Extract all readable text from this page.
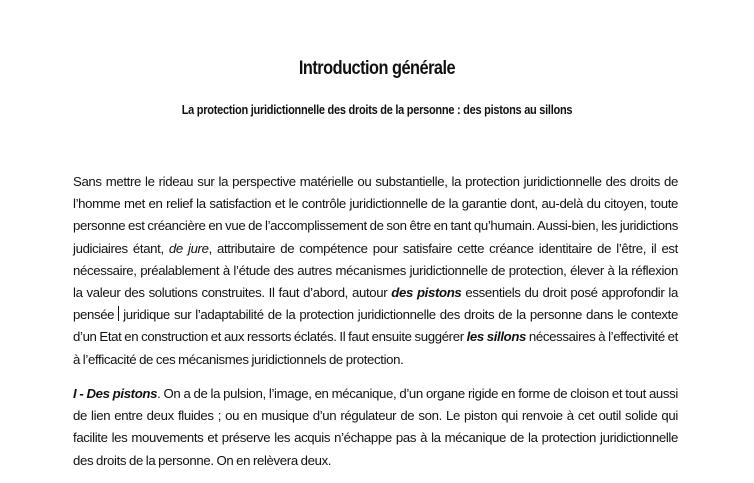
Introduction générale
La protection juridictionnelle des droits de la personne : des pistons au sillons
Sans mettre le rideau sur la perspective matérielle ou substantielle, la protection juridictionnelle des droits de l’homme met en relief la satisfaction et le contrôle juridictionnelle de la garantie dont, au-delà du citoyen, toute personne est créancière en vue de l’accomplissement de son être en tant qu’humain. Aussi-bien, les juridictions judiciaires étant, de jure, attributaire de compétence pour satisfaire cette créance identitaire de l’être, il est nécessaire, préalablement à l’étude des autres mécanismes juridictionnelle de protection, élever à la réflexion la valeur des solutions construites. Il faut d’abord, autour des pistons essentiels du droit posé approfondir la pensée juridique sur l’adaptabilité de la protection juridictionnelle des droits de la personne dans le contexte d’un Etat en construction et aux ressorts éclatés. Il faut ensuite suggérer les sillons nécessaires à l’effectivité et à l’efficacité de ces mécanismes juridictionnels de protection.
I - Des pistons. On a de la pulsion, l’image, en mécanique, d’un organe rigide en forme de cloison et tout aussi de lien entre deux fluides ; ou en musique d’un régulateur de son. Le piston qui renvoie à cet outil solide qui facilite les mouvements et préserve les acquis n’échappe pas à la mécanique de la protection juridictionnelle des droits de la personne. On en relèvera deux.
